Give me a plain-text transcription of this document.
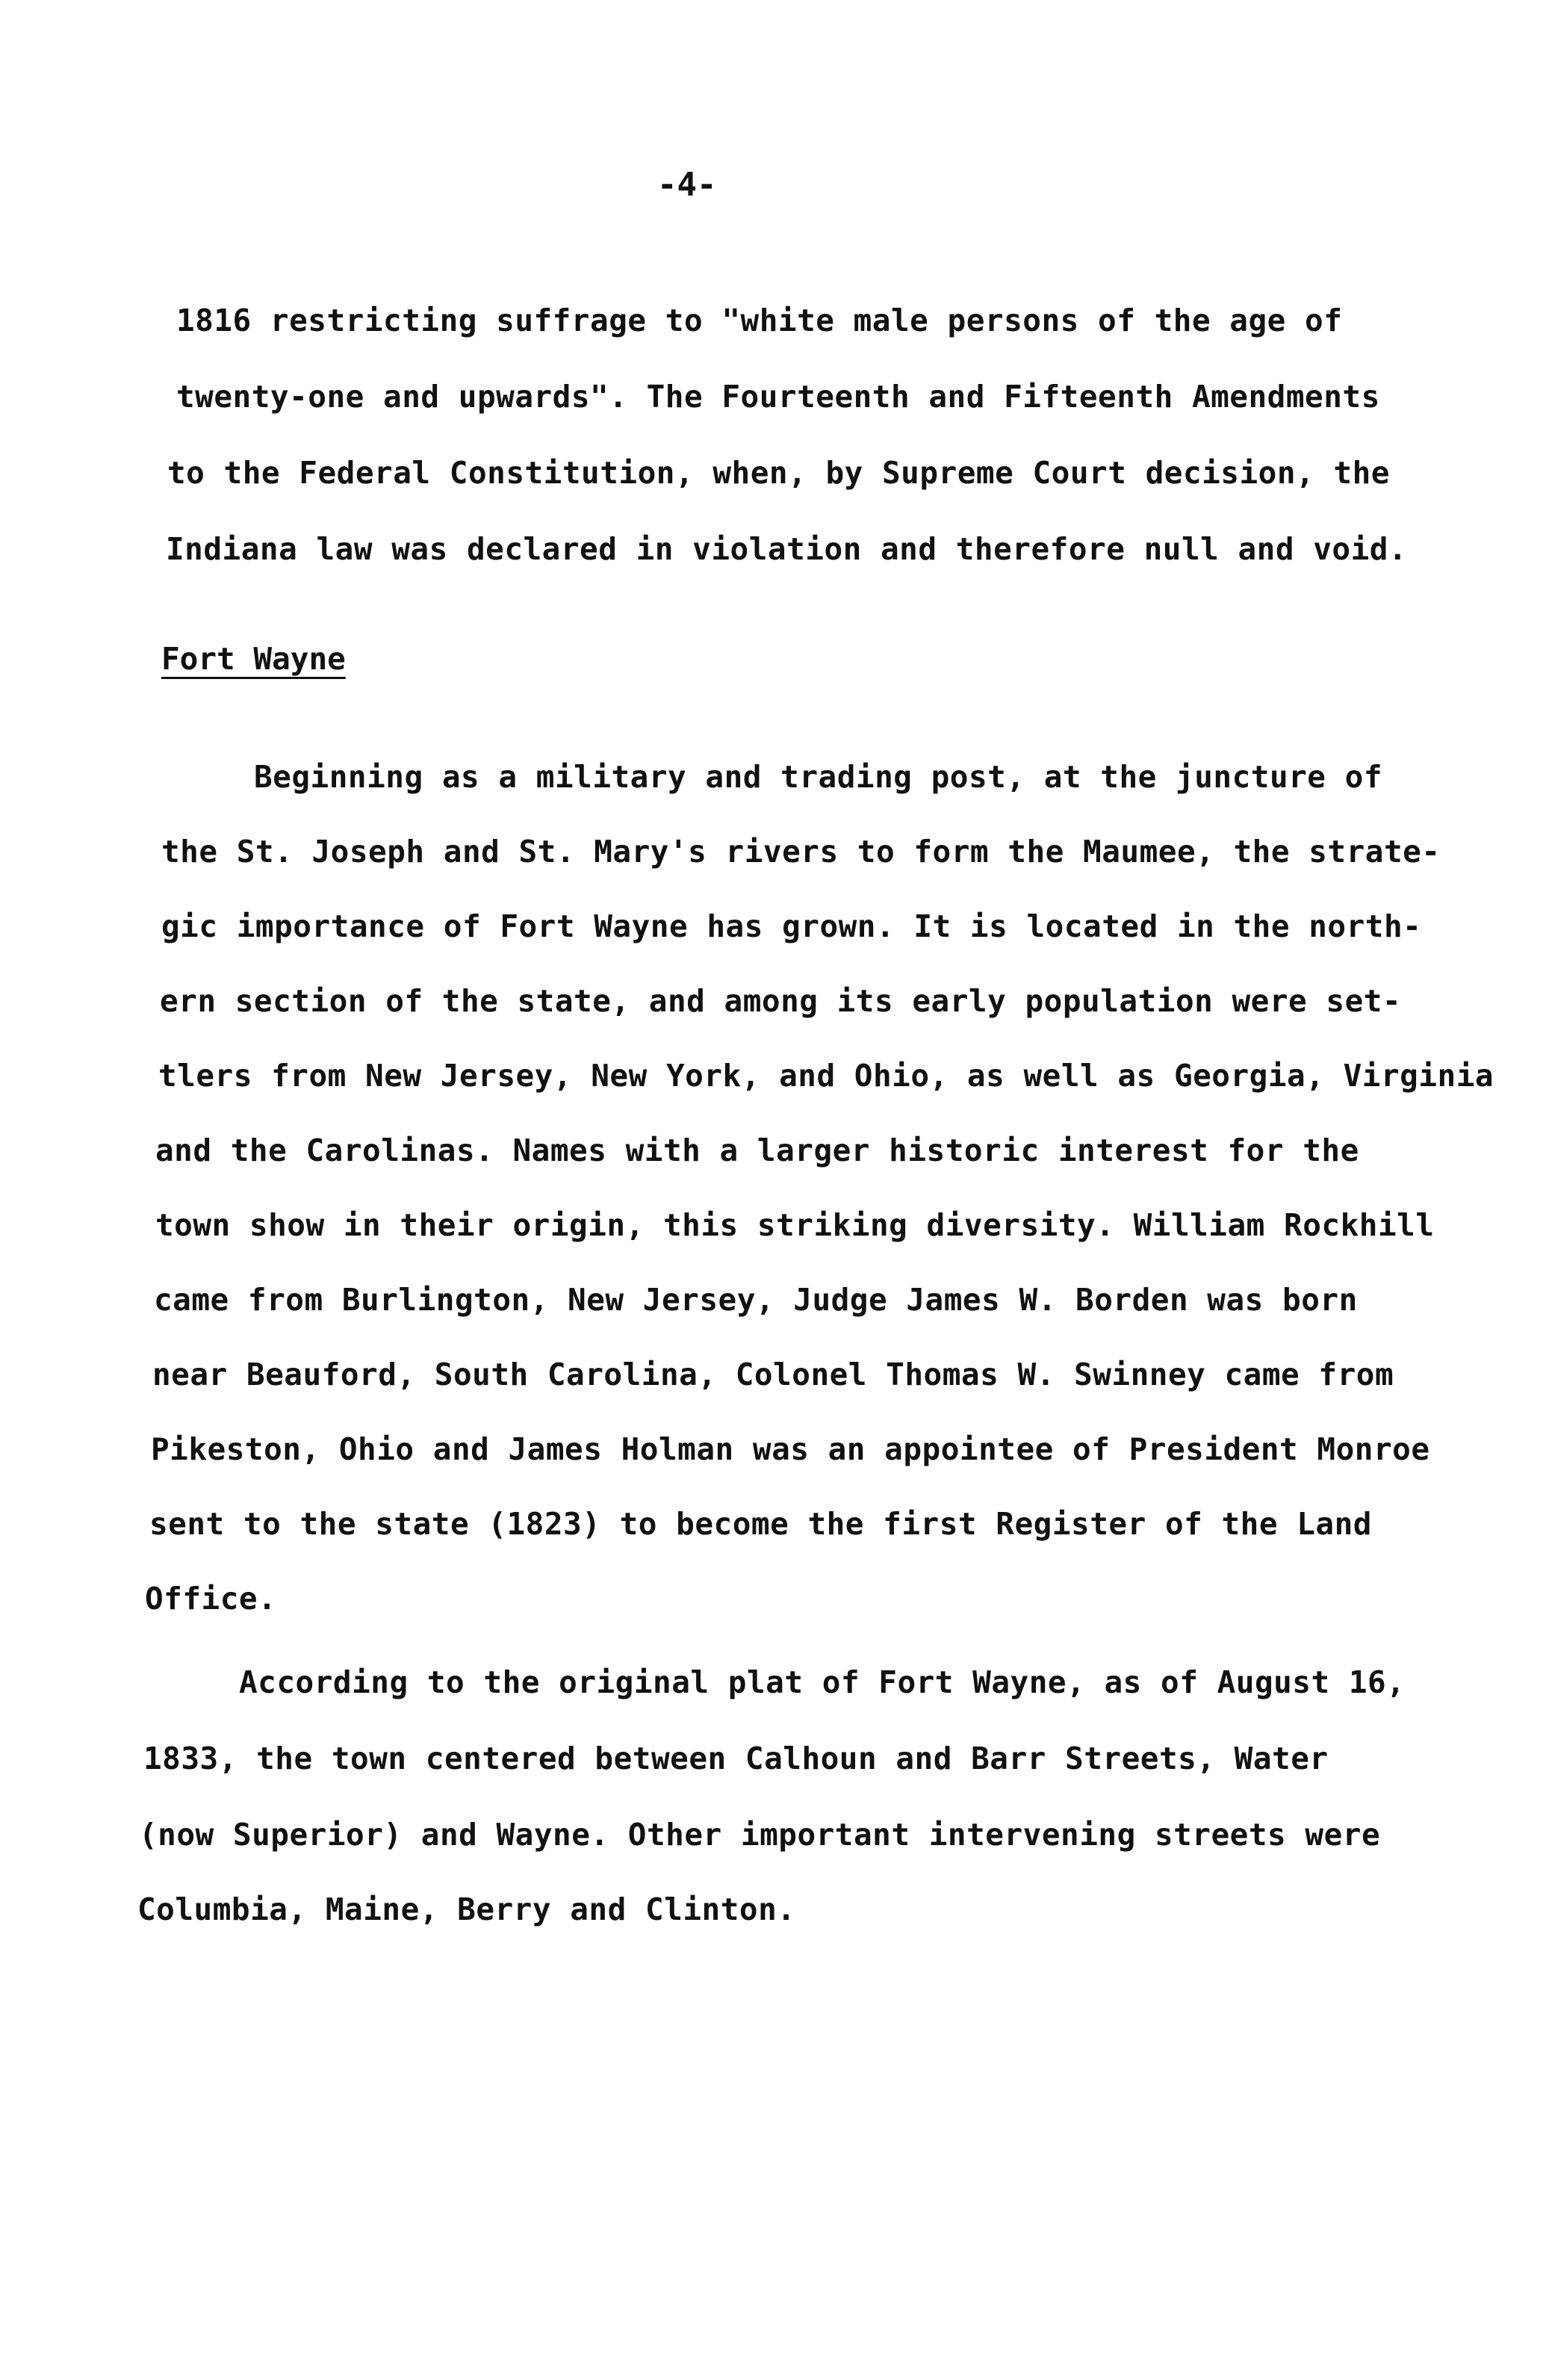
-4-
1816 restricting suffrage to "white male persons of the age of
twenty-one and upwards". The Fourteenth and Fifteenth Amendments
to the Federal Constitution, when, by Supreme Court decision, the
Indiana law was declared in violation and therefore null and void.
Fort Wayne
Beginning as a military and trading post, at the juncture of
the St. Joseph and St. Mary's rivers to form the Maumee, the strate-
gic importance of Fort Wayne has grown. It is located in the north-
ern section of the state, and among its early population were set-
tlers from New Jersey, New York, and Ohio, as well as Georgia, Virginia
and the Carolinas. Names with a larger historic interest for the
town show in their origin, this striking diversity. William Rockhill
came from Burlington, New Jersey, Judge James W. Borden was born
near Beauford, South Carolina, Colonel Thomas W. Swinney came from
Pikeston, Ohio and James Holman was an appointee of President Monroe
sent to the state (1823) to become the first Register of the Land
Office.
According to the original plat of Fort Wayne, as of August 16,
1833, the town centered between Calhoun and Barr Streets, Water
(now Superior) and Wayne. Other important intervening streets were
Columbia, Maine, Berry and Clinton.
